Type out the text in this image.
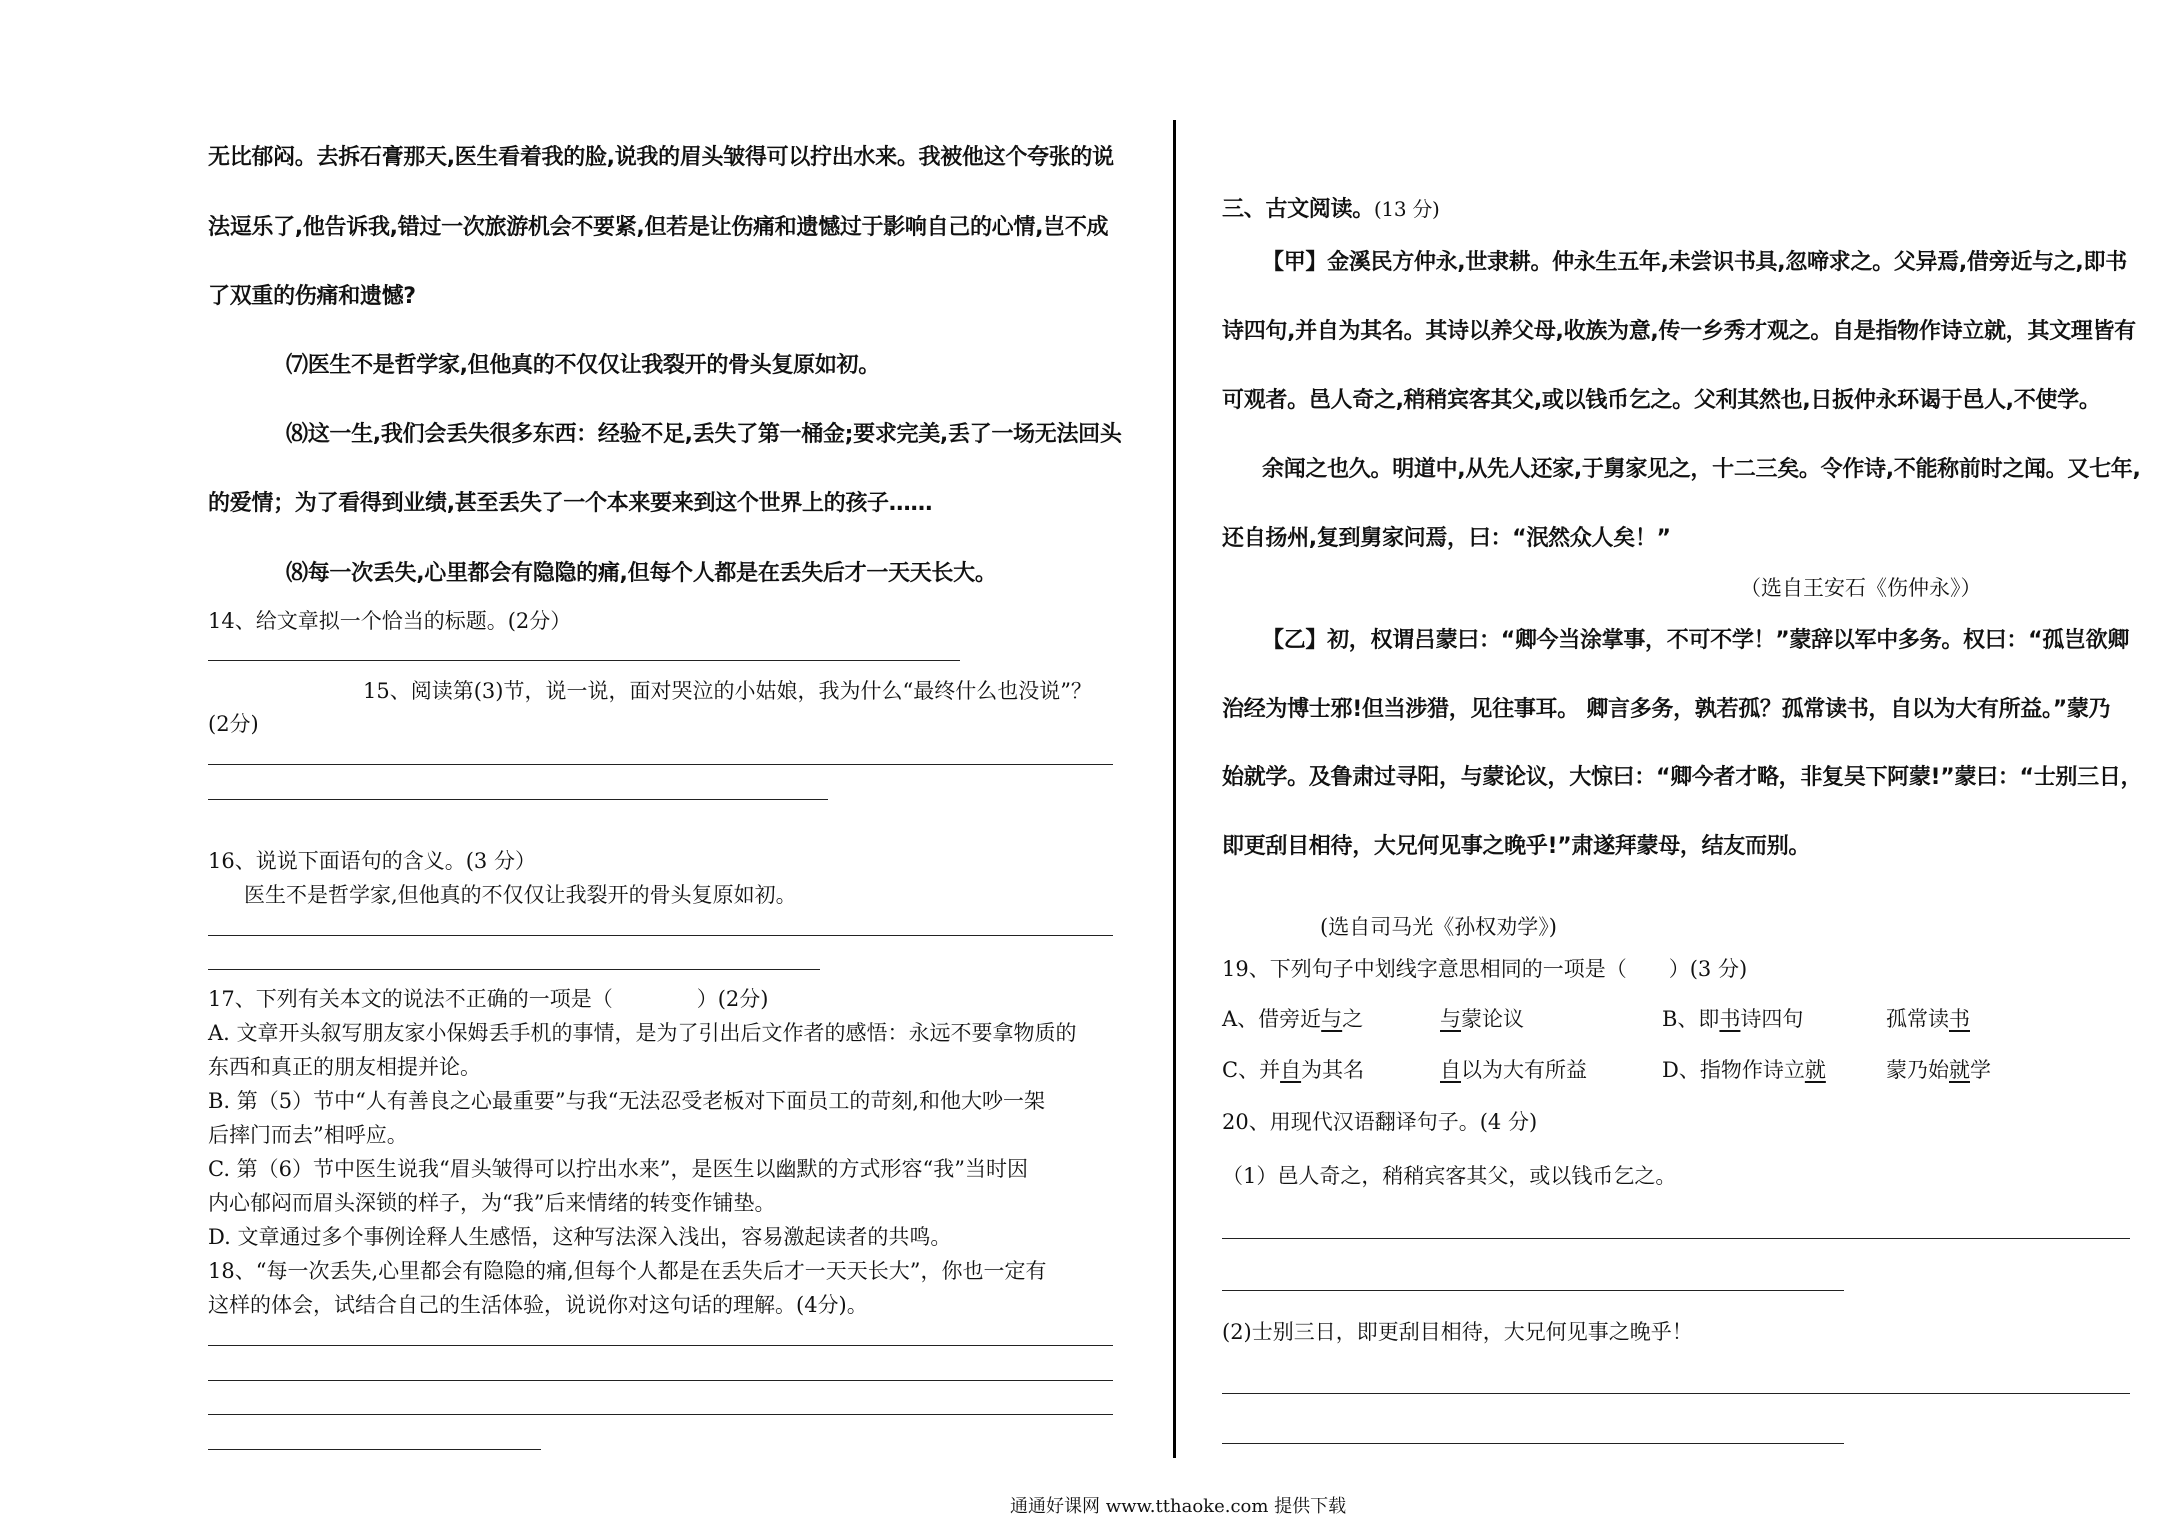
无比郁闷。去拆石膏那天,医生看着我的脸,说我的眉头皱得可以拧出水来。我被他这个夸张的说
法逗乐了,他告诉我,错过一次旅游机会不要紧,但若是让伤痛和遗憾过于影响自己的心情,岂不成
了双重的伤痛和遗憾?
⑺医生不是哲学家,但他真的不仅仅让我裂开的骨头复原如初。
⑻这一生,我们会丢失很多东西：经验不足,丢失了第一桶金;要求完美,丢了一场无法回头
的爱情；为了看得到业绩,甚至丢失了一个本来要来到这个世界上的孩子……
⑻每一次丢失,心里都会有隐隐的痛,但每个人都是在丢失后才一天天长大。
14、给文章拟一个恰当的标题。(2分）
15、阅读第(3)节，说一说，面对哭泣的小姑娘，我为什么“最终什么也没说”？
(2分)
16、说说下面语句的含义。(3 分）
医生不是哲学家,但他真的不仅仅让我裂开的骨头复原如初。
17、下列有关本文的说法不正确的一项是（　　　　）(2分)
A. 文章开头叙写朋友家小保姆丢手机的事情，是为了引出后文作者的感悟：永远不要拿物质的
东西和真正的朋友相提并论。
B. 第（5）节中“人有善良之心最重要”与我“无法忍受老板对下面员工的苛刻,和他大吵一架
后摔门而去”相呼应。
C. 第（6）节中医生说我“眉头皱得可以拧出水来”，是医生以幽默的方式形容“我”当时因
内心郁闷而眉头深锁的样子，为“我”后来情绪的转变作铺垫。
D. 文章通过多个事例诠释人生感悟，这种写法深入浅出，容易激起读者的共鸣。
18、“每一次丢失,心里都会有隐隐的痛,但每个人都是在丢失后才一天天长大”，你也一定有
这样的体会，试结合自己的生活体验，说说你对这句话的理解。(4分)。
三、古文阅读。(13 分)
【甲】金溪民方仲永,世隶耕。仲永生五年,未尝识书具,忽啼求之。父异焉,借旁近与之,即书
诗四句,并自为其名。其诗以养父母,收族为意,传一乡秀才观之。自是指物作诗立就，其文理皆有
可观者。邑人奇之,稍稍宾客其父,或以钱币乞之。父利其然也,日扳仲永环谒于邑人,不使学。
余闻之也久。明道中,从先人还家,于舅家见之，十二三矣。令作诗,不能称前时之闻。又七年,
还自扬州,复到舅家问焉，曰：“泯然众人矣！”
（选自王安石《伤仲永》）
【乙】初，权谓吕蒙曰：“卿今当涂掌事，不可不学！”蒙辞以军中多务。权曰：“孤岂欲卿
治经为博士邪!但当涉猎，见往事耳。 卿言多务，孰若孤？孤常读书，自以为大有所益。”蒙乃
始就学。及鲁肃过寻阳，与蒙论议，大惊曰：“卿今者才略，非复吴下阿蒙!”蒙曰：“士别三日，
即更刮目相待，大兄何见事之晚乎!”肃遂拜蒙母，结友而别。
(选自司马光《孙权劝学》)
19、下列句子中划线字意思相同的一项是（　　）(3 分)
A、借旁近与之	与蒙论议	B、即书诗四句	孤常读书
C、并自为其名	自以为大有所益	D、指物作诗立就	蒙乃始就学
20、用现代汉语翻译句子。(4 分)
（1）邑人奇之，稍稍宾客其父，或以钱币乞之。
(2)士别三日，即更刮目相待，大兄何见事之晚乎！
通通好课网 www.tthaoke.com 提供下载
